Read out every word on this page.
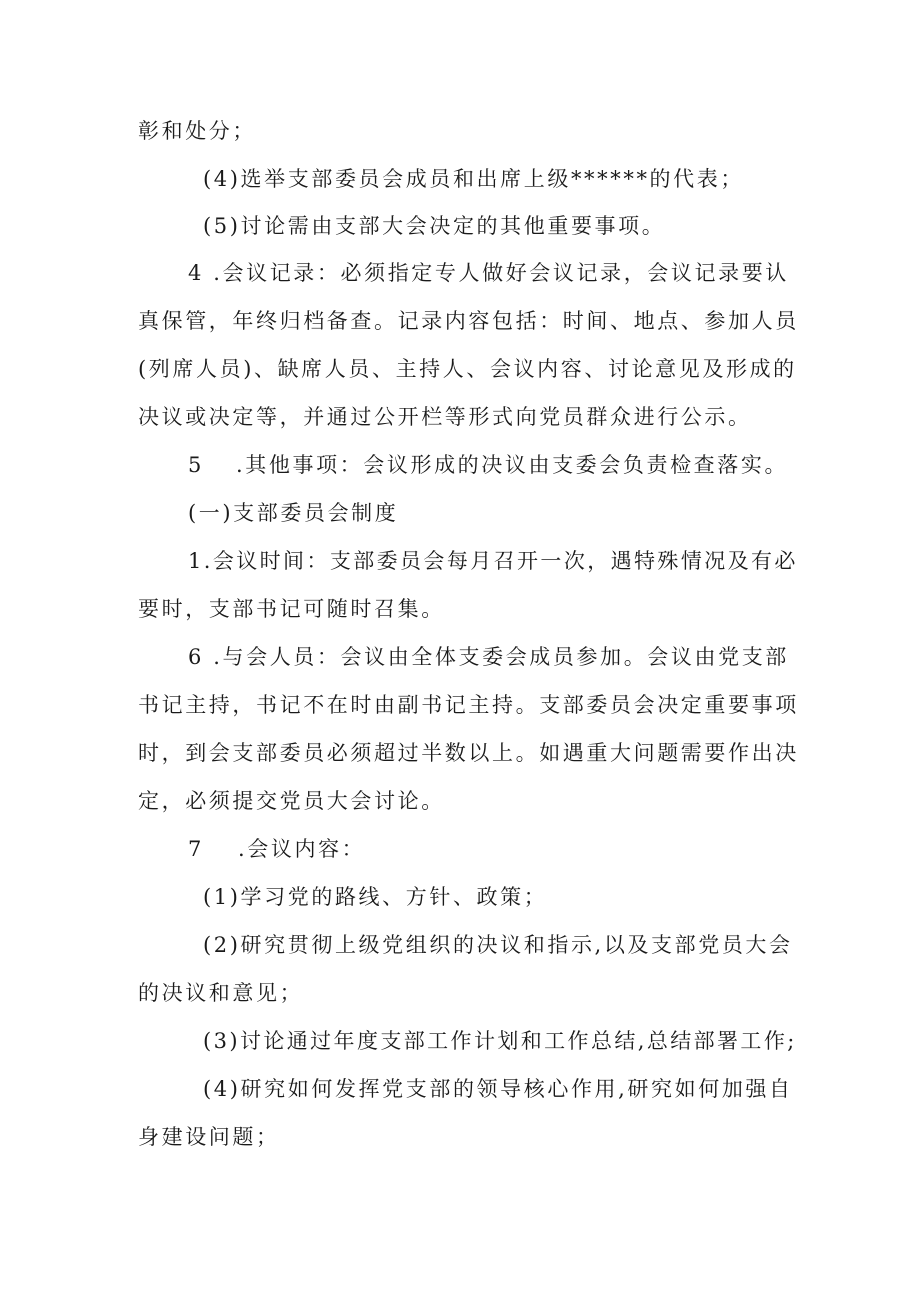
彰和处分；
(4)选举支部委员会成员和出席上级******的代表；
(5)讨论需由支部大会决定的其他重要事项。
4 .会议记录：必须指定专人做好会议记录，会议记录要认
真保管，年终归档备查。记录内容包括：时间、地点、参加人员
(列席人员)、缺席人员、主持人、会议内容、讨论意见及形成的
决议或决定等，并通过公开栏等形式向党员群众进行公示。
5 .其他事项：会议形成的决议由支委会负责检查落实。
(一)支部委员会制度
1.会议时间：支部委员会每月召开一次，遇特殊情况及有必
要时，支部书记可随时召集。
6 .与会人员：会议由全体支委会成员参加。会议由党支部
书记主持，书记不在时由副书记主持。支部委员会决定重要事项
时，到会支部委员必须超过半数以上。如遇重大问题需要作出决
定，必须提交党员大会讨论。
7 .会议内容：
(1)学习党的路线、方针、政策；
(2)研究贯彻上级党组织的决议和指示,以及支部党员大会
的决议和意见；
(3)讨论通过年度支部工作计划和工作总结,总结部署工作;
(4)研究如何发挥党支部的领导核心作用,研究如何加强自
身建设问题；
